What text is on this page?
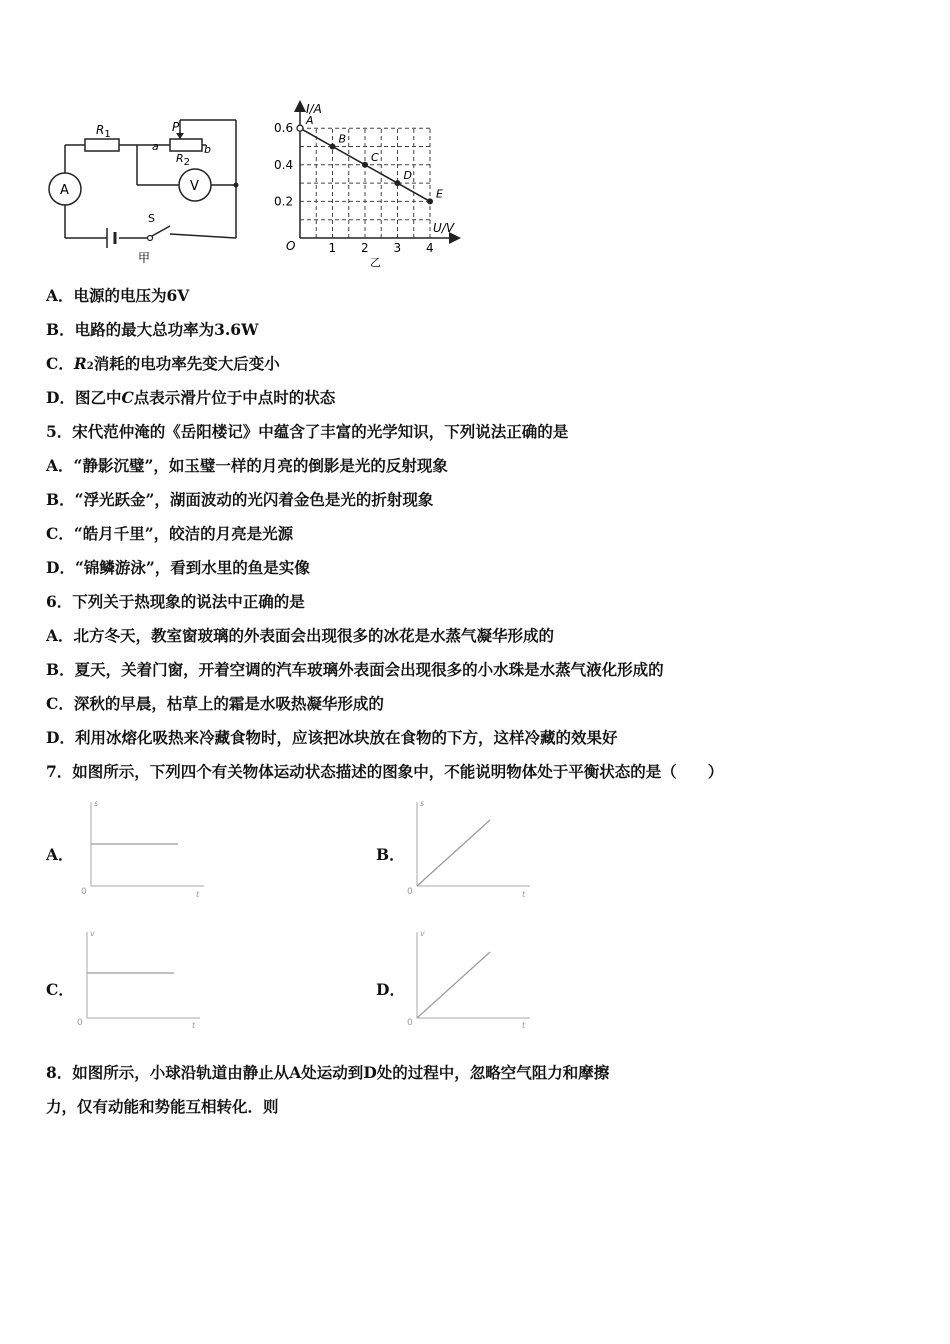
$R_1$
P
a	b
R2
A	V
S
甲
0.6
0.4
0.2
1 2 3 4
A
B
C
D
E
I/A
U/V
O
乙
A．电源的电压为6V
B．电路的最大总功率为3.6W
C．R2消耗的电功率先变大后变小
D．图乙中C点表示滑片位于中点时的状态
5．宋代范仲淹的《岳阳楼记》中蕴含了丰富的光学知识，下列说法正确的是
A．“静影沉璧”，如玉璧一样的月亮的倒影是光的反射现象
B．“浮光跃金”，湖面波动的光闪着金色是光的折射现象
C．“皓月千里”，皎洁的月亮是光源
D．“锦鳞游泳”，看到水里的鱼是实像
6．下列关于热现象的说法中正确的是
A．北方冬天，教室窗玻璃的外表面会出现很多的冰花是水蒸气凝华形成的
B．夏天，关着门窗，开着空调的汽车玻璃外表面会出现很多的小水珠是水蒸气液化形成的
C．深秋的早晨，枯草上的霜是水吸热凝华形成的
D．利用冰熔化吸热来冷藏食物时，应该把冰块放在食物的下方，这样冷藏的效果好
7．如图所示，下列四个有关物体运动状态描述的图象中，不能说明物体处于平衡状态的是（　　）
A．
s
t
0
B．
s
t
0
C．
v
t
0
D．
v
t
0
8．如图所示，小球沿轨道由静止从A处运动到D处的过程中，忽略空气阻力和摩擦
力，仅有动能和势能互相转化．则
